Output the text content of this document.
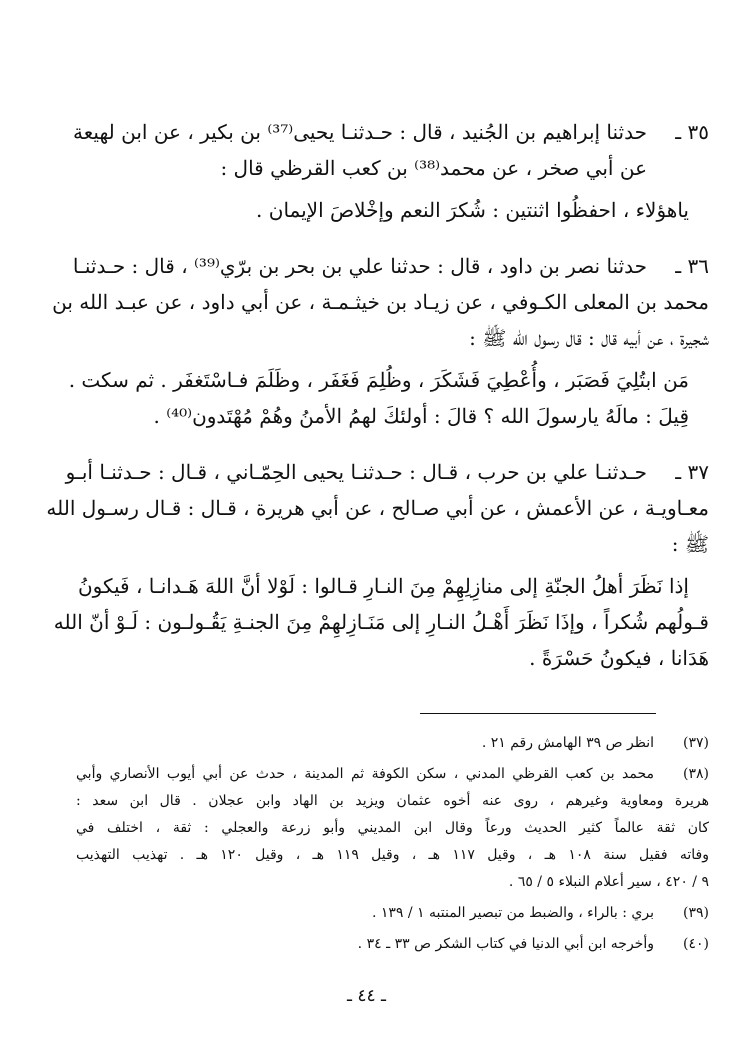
٣٥ ـ
حدثنا إبراهيم بن الجُنيد ، قال : حـدثنـا يحيى⁽³⁷⁾ بن بكير ، عن ابن لهيعة
عن أبي صخر ، عن محمد⁽³⁸⁾ بن كعب القرظي قال :
ياهؤلاء ، احفظُوا اثنتين : شُكرَ النعم وإخْلاصَ الإيمان .
٣٦ ـ
حدثنا نصر بن داود ، قال : حدثنا علي بن بحر بن برّي⁽³⁹⁾ ، قال : حـدثنـا
محمد بن المعلى الكـوفي ، عن زيـاد بن خيثـمـة ، عن أبي داود ، عن عبـد الله بن
شجيرة ، عن أبيه قال : قال رسول الله ﷺ :
مَن ابتُلِيَ فَصَبَر ، وأُعْطِيَ فَشَكَرَ ، وظُلِمَ فَغَفَر ، وظَلَمَ فـاسْتَغفَر . ثم سكت .
قِيلَ : مالَهُ يارسولَ الله ؟ قالَ : أولئكَ لهمُ الأمنُ وهُمْ مُهْتَدون⁽⁴⁰⁾ .
٣٧ ـ
حـدثنـا علي بن حرب ، قـال : حـدثنـا يحيى الحِمّـاني ، قـال : حـدثنـا أبـو
معـاويـة ، عن الأعمش ، عن أبي صـالح ، عن أبي هريرة ، قـال : قـال رسـول الله
ﷺ :
إذا نَظَرَ أهلُ الجنّةِ إلى منازِلِهِمْ مِنَ النـارِ قـالوا : لَوْلا أنَّ اللهَ هَـدانـا ، فَيكونُ
قـولُهم شُكراً ، وإذَا نَظَرَ أَهْـلُ النـارِ إلى مَنَـازِلهِمْ مِنَ الجنـةِ يَقُـولـون : لَـوْ أنّ الله
هَدَانا ، فيكونُ حَسْرَةً .
(٣٧)
انظر ص ٣٩ الهامش رقم ٢١ .
(٣٨)
محمد بن كعب القرظي المدني ، سكن الكوفة ثم المدينة ، حدث عن أبي أيوب الأنصاري وأبي
هريرة ومعاوية وغيرهم ، روى عنه أخوه عثمان ويزيد بن الهاد وابن عجلان . قال ابن سعد :
كان ثقة عالماً كثير الحديث ورعاً وقال ابن المديني وأبو زرعة والعجلي : ثقة ، اختلف في
وفاته فقيل سنة ١٠٨ هـ ، وقيل ١١٧ هـ ، وقيل ١١٩ هـ ، وقيل ١٢٠ هـ . تهذيب التهذيب
٩ / ٤٢٠ ، سير أعلام النبلاء ٥ / ٦٥ .
(٣٩)
بري : بالراء ، والضبط من تبصير المنتبه ١ / ١٣٩ .
(٤٠)
وأخرجه ابن أبي الدنيا في كتاب الشكر ص ٣٣ ـ ٣٤ .
ـ ٤٤ ـ
